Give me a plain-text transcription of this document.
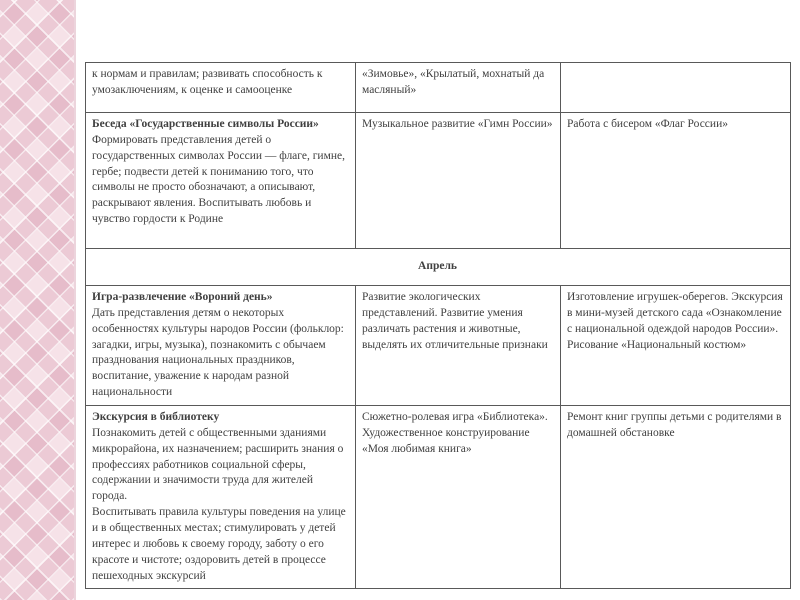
к нормам и правилам; развивать способность к умозаключениям, к оценке и самооценке	«Зимовье», «Крылатый, мохнатый да масляный»	

Беседа «Государственные символы России»
Формировать представления детей о государственных символах России — флаге, гимне, гербе; подвести детей к пониманию того, что символы не просто обозначают, а описывают, раскрывают явления. Воспитывать любовь и чувство гордости к Родине	Музыкальное развитие «Гимн России»	Работа с бисером «Флаг России»

Апрель		

Игра-развлечение «Вороний день»
Дать представления детям о некоторых особенностях культуры народов России (фольклор: загадки, игры, музыка), познакомить с обычаем празднования национальных праздников, воспитание, уважение к народам разной национальности	Развитие экологических представлений. Развитие умения различать растения и животные, выделять их отличительные признаки	Изготовление игрушек-оберегов. Экскурсия в мини-музей детского сада «Ознакомление с национальной одеждой народов России». Рисование «Национальный костюм»

Экскурсия в библиотеку
Познакомить детей с общественными зданиями микрорайона, их назначением; расширить знания о профессиях работников социальной сферы, содержании и значимости труда для жителей города.
Воспитывать правила культуры поведения на улице и в общественных местах; стимулировать у детей интерес и любовь к своему городу, заботу о его красоте и чистоте; оздоровить детей в процессе пешеходных экскурсий	Сюжетно-ролевая игра «Библиотека». Художественное конструирование «Моя любимая книга»	Ремонт книг группы детьми с родителями в домашней обстановке
